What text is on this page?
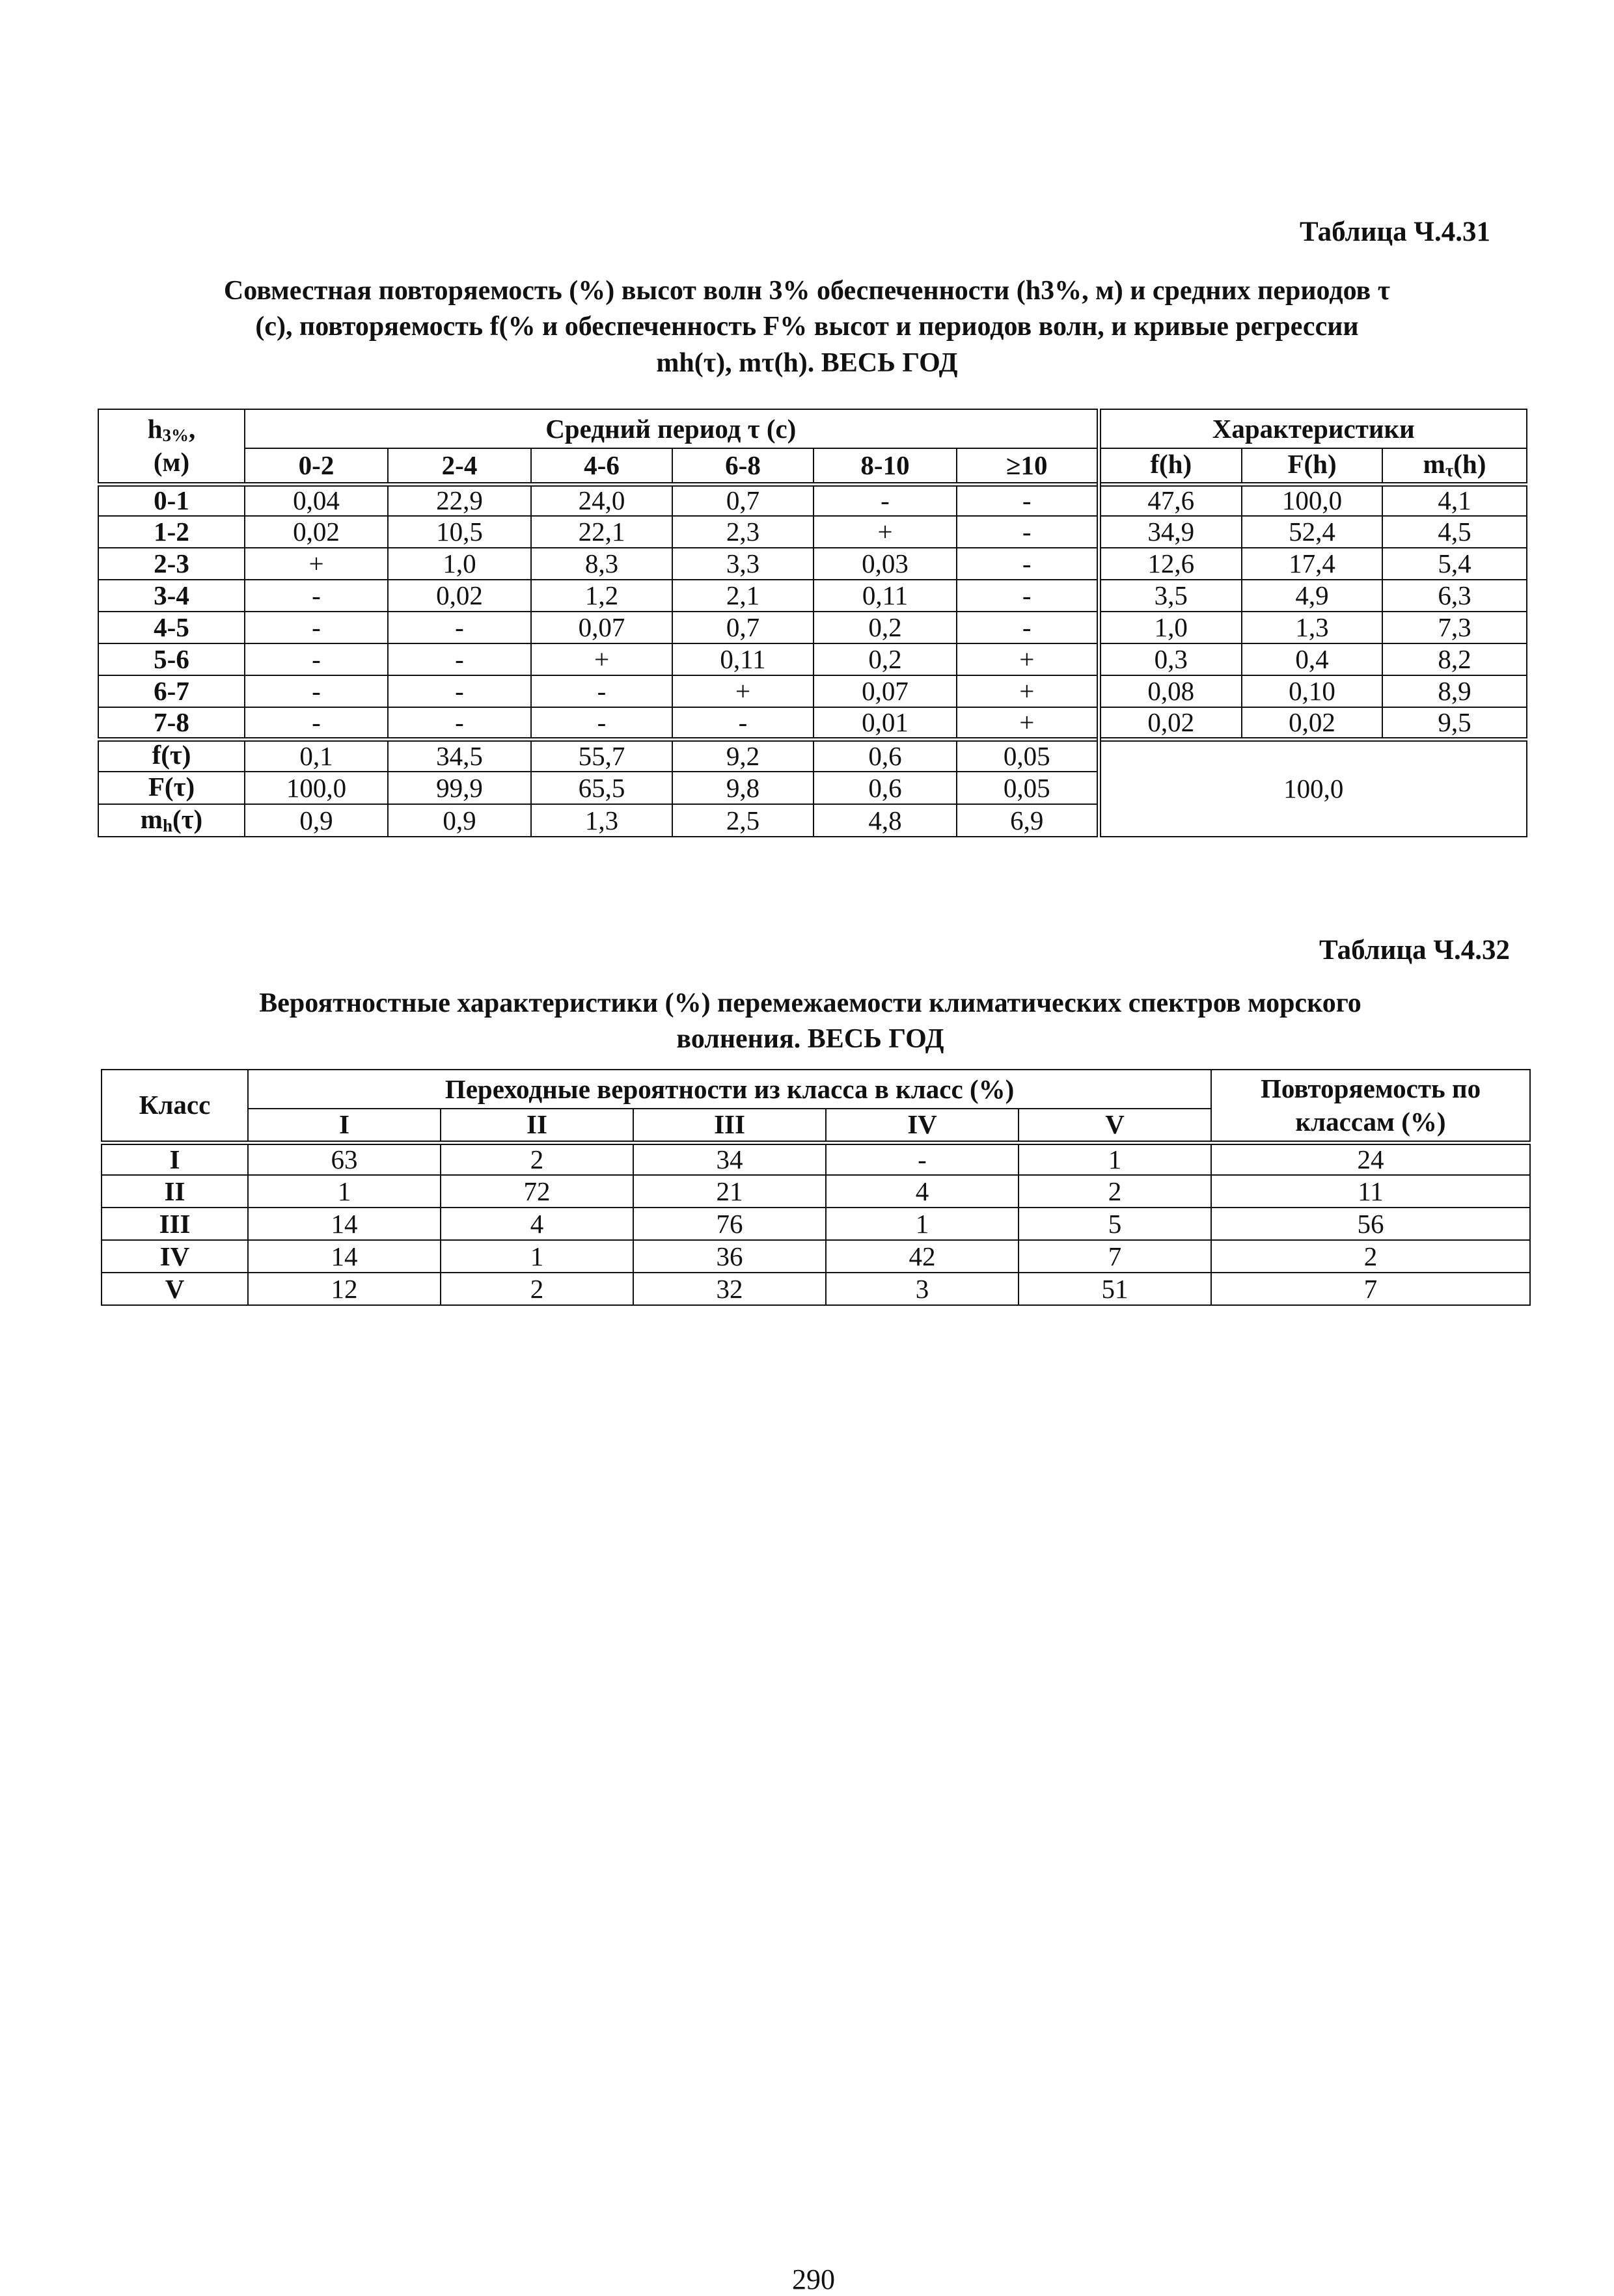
Таблица Ч.4.31
Совместная повторяемость (%) высот волн 3% обеспеченности (h3%, м) и средних периодов τ
(с), повторяемость f(% и обеспеченность F% высот и периодов волн, и кривые регрессии
mh(τ), mτ(h). ВЕСЬ ГОД
h3%,
(м)	Средний период τ (с)						Характеристики		
	0-2	2-4	4-6	6-8	8-10	≥10	f(h)	F(h)	mτ(h)
0-1	0,04	22,9	24,0	0,7	-	-	47,6	100,0	4,1
1-2	0,02	10,5	22,1	2,3	+	-	34,9	52,4	4,5
2-3	+	1,0	8,3	3,3	0,03	-	12,6	17,4	5,4
3-4	-	0,02	1,2	2,1	0,11	-	3,5	4,9	6,3
4-5	-	-	0,07	0,7	0,2	-	1,0	1,3	7,3
5-6	-	-	+	0,11	0,2	+	0,3	0,4	8,2
6-7	-	-	-	+	0,07	+	0,08	0,10	8,9
7-8	-	-	-	-	0,01	+	0,02	0,02	9,5
f(τ)	0,1	34,5	55,7	9,2	0,6	0,05	100,0		
F(τ)	100,0	99,9	65,5	9,8	0,6	0,05			
mh(τ)	0,9	0,9	1,3	2,5	4,8	6,9			
Таблица Ч.4.32
Вероятностные характеристики (%) перемежаемости климатических спектров морского
волнения. ВЕСЬ ГОД
Класс	Переходные вероятности из класса в класс (%)					Повторяемость по
классам (%)

	I	II	III	IV	V	
I	63	2	34	-	1	24
II	1	72	21	4	2	11
III	14	4	76	1	5	56
IV	14	1	36	42	7	2
V	12	2	32	3	51	7
290
